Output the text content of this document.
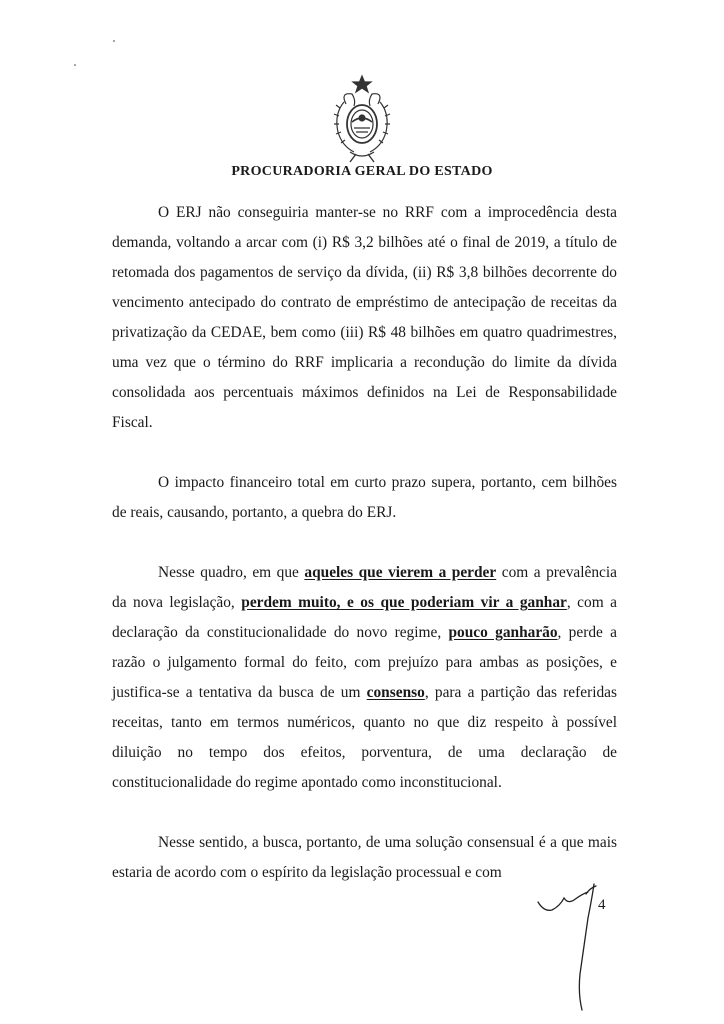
PROCURADORIA GERAL DO ESTADO

O ERJ não conseguiria manter-se no RRF com a improcedência desta demanda, voltando a arcar com (i) R$ 3,2 bilhões até o final de 2019, a título de retomada dos pagamentos de serviço da dívida, (ii) R$ 3,8 bilhões decorrente do vencimento antecipado do contrato de empréstimo de antecipação de receitas da privatização da CEDAE, bem como (iii) R$ 48 bilhões em quatro quadrimestres, uma vez que o término do RRF implicaria a recondução do limite da dívida consolidada aos percentuais máximos definidos na Lei de Responsabilidade Fiscal.

O impacto financeiro total em curto prazo supera, portanto, cem bilhões de reais, causando, portanto, a quebra do ERJ.

Nesse quadro, em que aqueles que vierem a perder com a prevalência da nova legislação, perdem muito, e os que poderiam vir a ganhar, com a declaração da constitucionalidade do novo regime, pouco ganharão, perde a razão o julgamento formal do feito, com prejuízo para ambas as posições, e justifica-se a tentativa da busca de um consenso, para a partição das referidas receitas, tanto em termos numéricos, quanto no que diz respeito à possível diluição no tempo dos efeitos, porventura, de uma declaração de constitucionalidade do regime apontado como inconstitucional.

Nesse sentido, a busca, portanto, de uma solução consensual é a que mais estaria de acordo com o espírito da legislação processual e com

4
